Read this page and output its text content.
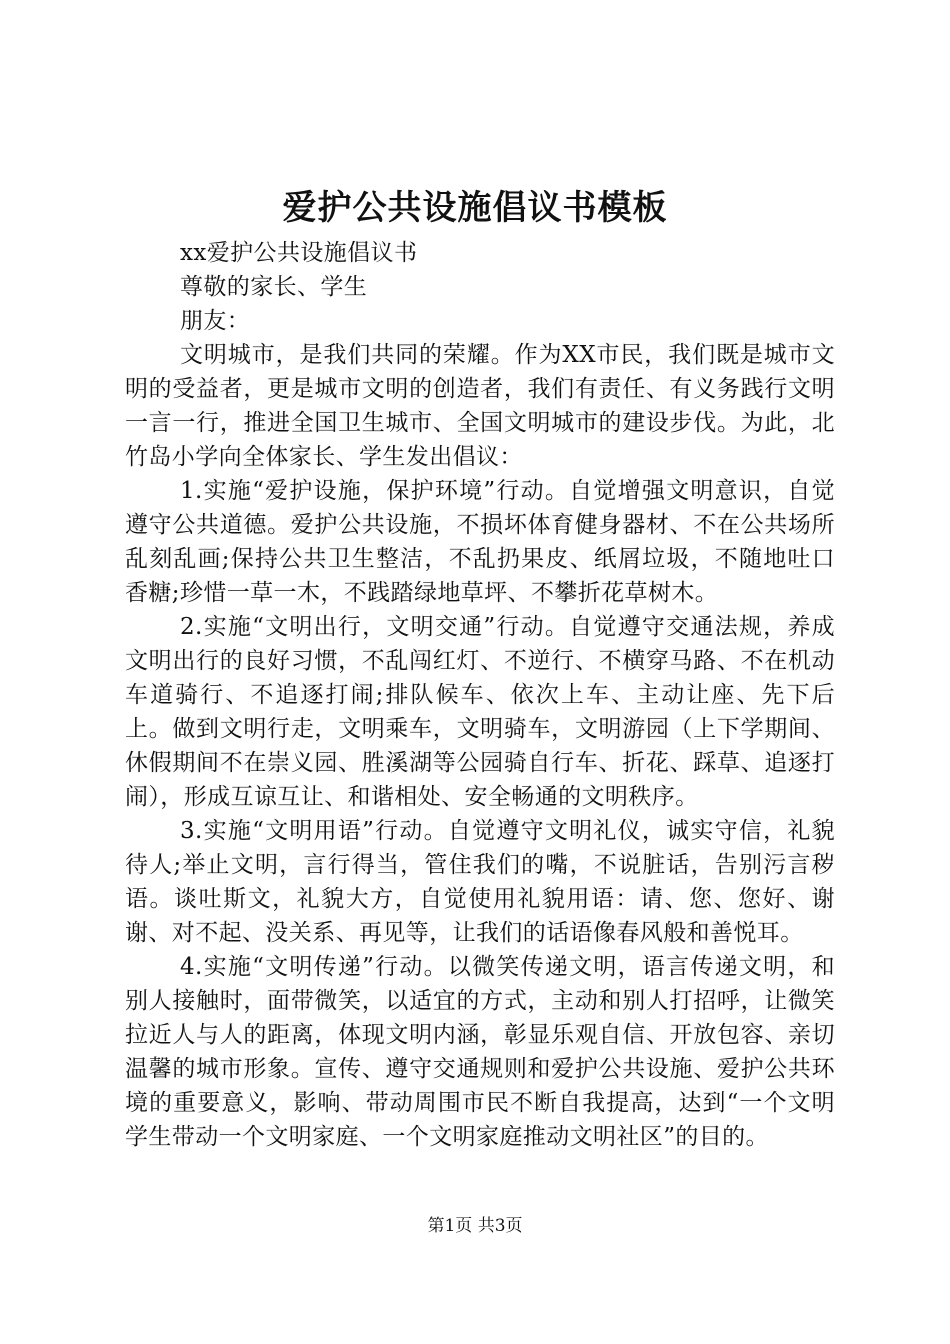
爱护公共设施倡议书模板
xx爱护公共设施倡议书
尊敬的家长、学生
朋友：

文明城市，是我们共同的荣耀。作为XX市民，我们既是城市文明的受益者，更是城市文明的创造者，我们有责任、有义务践行文明一言一行，推进全国卫生城市、全国文明城市的建设步伐。为此，北竹岛小学向全体家长、学生发出倡议：

1.实施“爱护设施，保护环境”行动。自觉增强文明意识，自觉遵守公共道德。爱护公共设施，不损坏体育健身器材、不在公共场所乱刻乱画;保持公共卫生整洁，不乱扔果皮、纸屑垃圾，不随地吐口香糖;珍惜一草一木，不践踏绿地草坪、不攀折花草树木。

2.实施“文明出行，文明交通”行动。自觉遵守交通法规，养成文明出行的良好习惯，不乱闯红灯、不逆行、不横穿马路、不在机动车道骑行、不追逐打闹;排队候车、依次上车、主动让座、先下后上。做到文明行走，文明乘车，文明骑车，文明游园（上下学期间、休假期间不在崇义园、胜溪湖等公园骑自行车、折花、踩草、追逐打闹），形成互谅互让、和谐相处、安全畅通的文明秩序。

3.实施“文明用语”行动。自觉遵守文明礼仪，诚实守信，礼貌待人;举止文明，言行得当，管住我们的嘴，不说脏话，告别污言秽语。谈吐斯文，礼貌大方，自觉使用礼貌用语：请、您、您好、谢谢、对不起、没关系、再见等，让我们的话语像春风般和善悦耳。

4.实施“文明传递”行动。以微笑传递文明，语言传递文明，和别人接触时，面带微笑，以适宜的方式，主动和别人打招呼，让微笑拉近人与人的距离，体现文明内涵，彰显乐观自信、开放包容、亲切温馨的城市形象。宣传、遵守交通规则和爱护公共设施、爱护公共环境的重要意义，影响、带动周围市民不断自我提高，达到“一个文明学生带动一个文明家庭、一个文明家庭推动文明社区”的目的。

第1页 共3页
